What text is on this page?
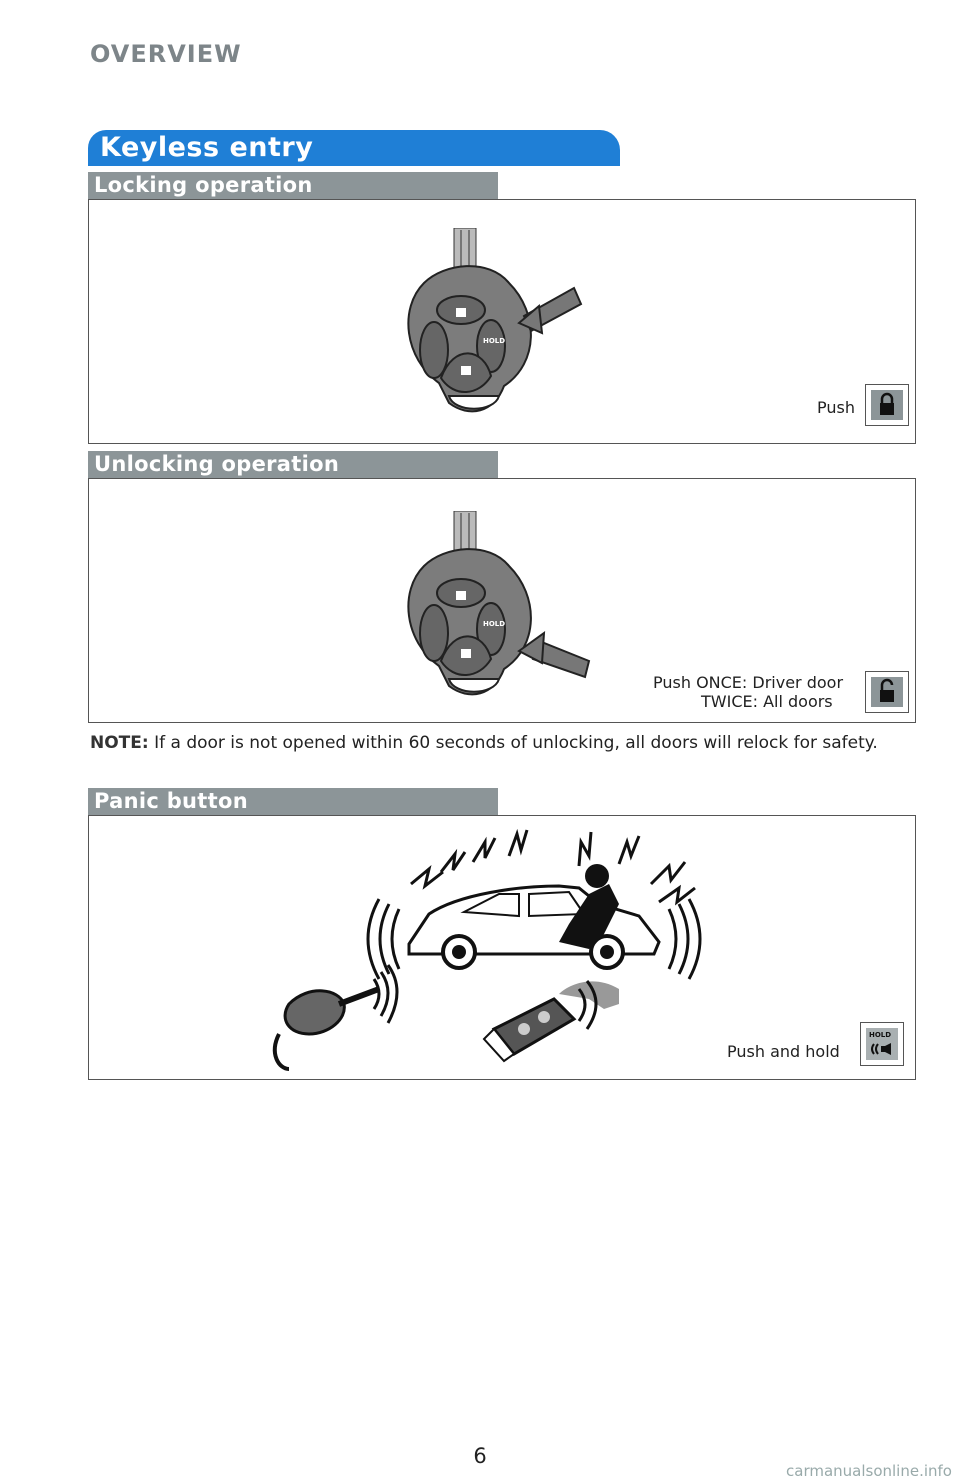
OVERVIEW
Keyless entry
Locking operation
HOLD
Push
Unlocking operation
HOLD
Push ONCE: Driver door
TWICE: All doors
NOTE: If a door is not opened within 60 seconds of unlocking, all doors will relock for safety.
Panic button
Push and hold
HOLD
6
carmanualsonline.info
